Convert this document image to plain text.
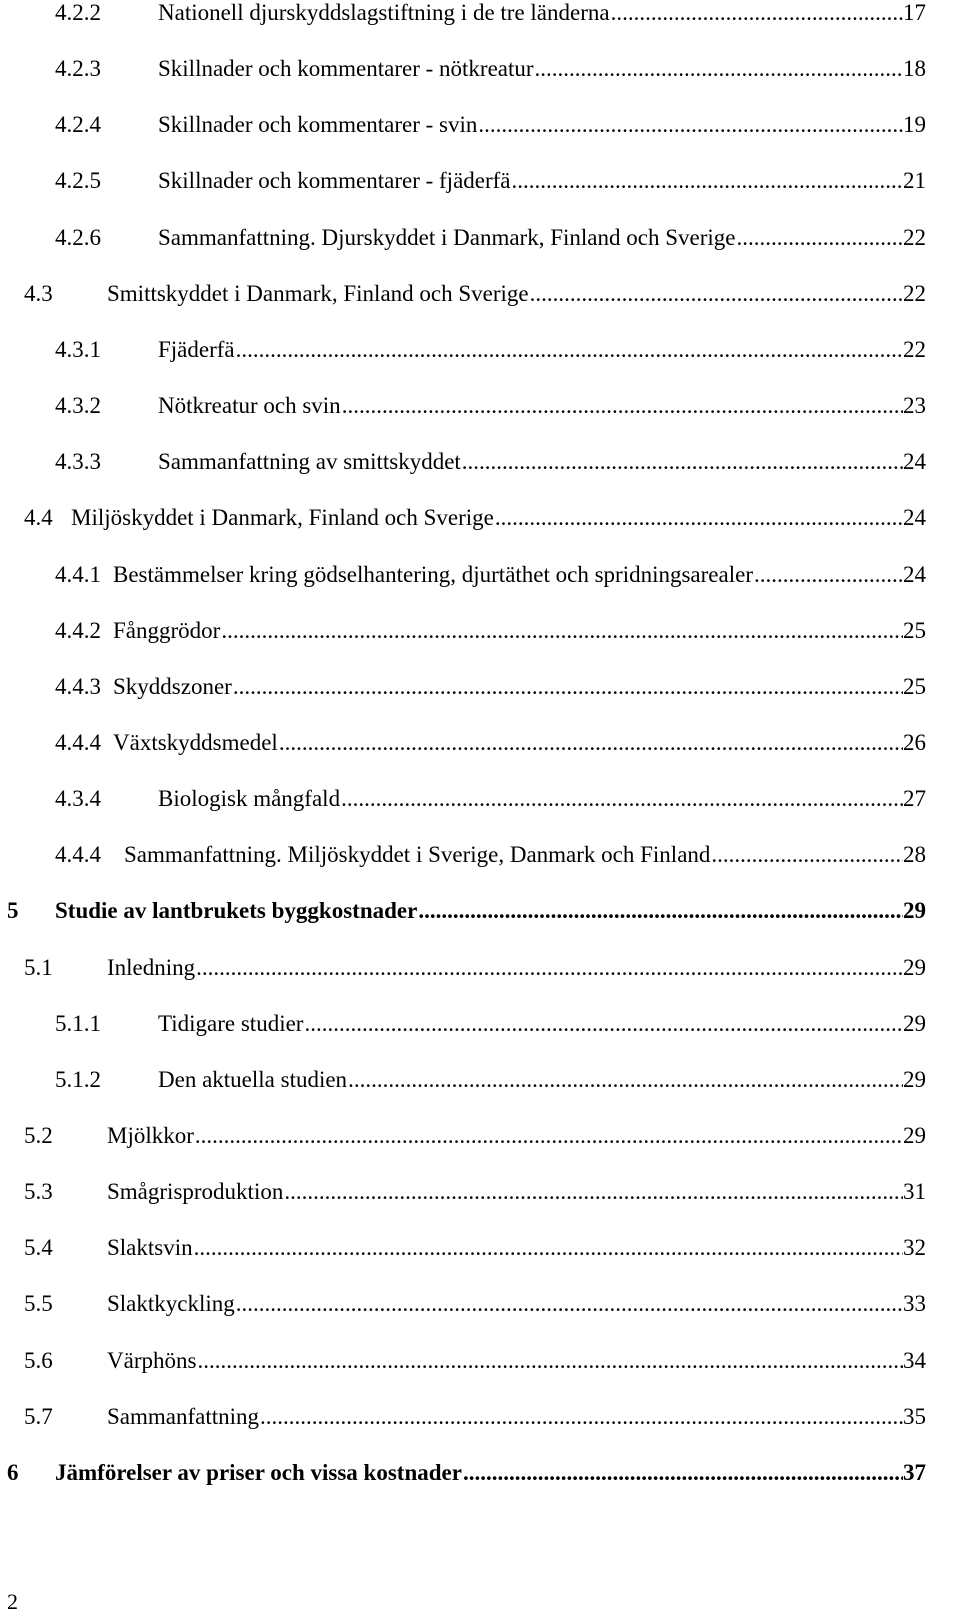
4.2.2 Nationell djurskyddslagstiftning i de tre länderna .....	17
4.2.3 Skillnader och kommentarer - nötkreatur .....	18
4.2.4 Skillnader och kommentarer - svin .....	19
4.2.5 Skillnader och kommentarer - fjäderfä .....	21
4.2.6 Sammanfattning. Djurskyddet i Danmark, Finland och Sverige .....	22
4.3 Smittskyddet i Danmark, Finland och Sverige .....	22
4.3.1 Fjäderfä .....	22
4.3.2 Nötkreatur och svin .....	23
4.3.3 Sammanfattning av smittskyddet .....	24
4.4 Miljöskyddet i Danmark, Finland och Sverige .....	24
4.4.1 Bestämmelser kring gödselhantering, djurtäthet och spridningsarealer .....	24
4.4.2 Fånggrödor .....	25
4.4.3 Skyddszoner .....	25
4.4.4 Växtskyddsmedel .....	26
4.3.4 Biologisk mångfald .....	27
4.4.4 Sammanfattning. Miljöskyddet i Sverige, Danmark och Finland .....	28
5 Studie av lantbrukets byggkostnader .....	29
5.1 Inledning .....	29
5.1.1 Tidigare studier .....	29
5.1.2 Den aktuella studien .....	29
5.2 Mjölkkor .....	29
5.3 Smågrisproduktion .....	31
5.4 Slaktsvin .....	32
5.5 Slaktkyckling .....	33
5.6 Värphöns .....	34
5.7 Sammanfattning .....	35
6 Jämförelser av priser och vissa kostnader .....	37
2
